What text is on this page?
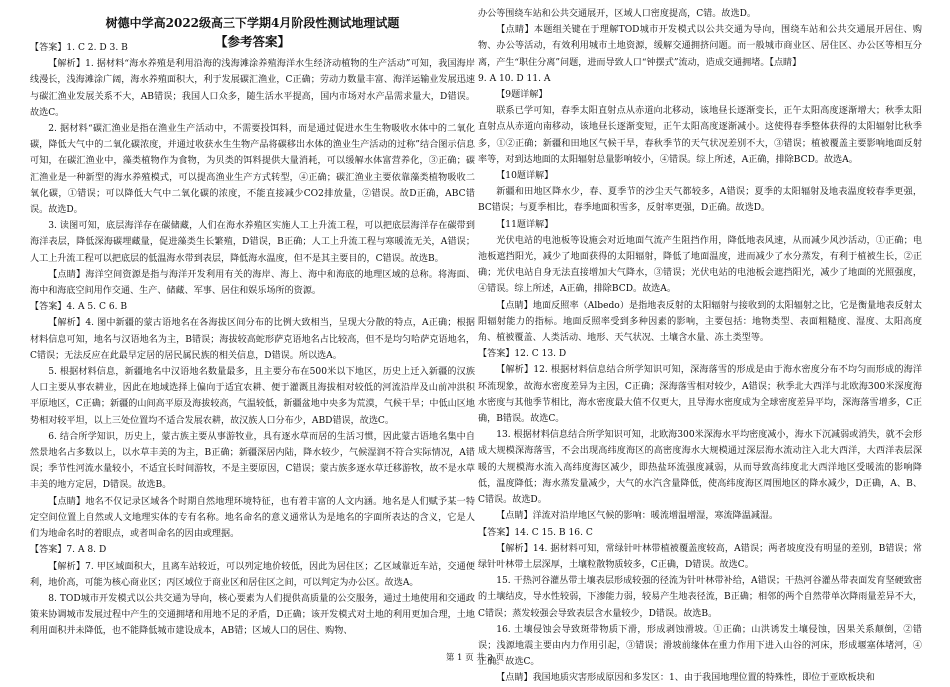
树德中学高2022级高三下学期4月阶段性测试地理试题
【参考答案】

【答案】1. C 2. D 3. B

【解析】1. 据材料“海水养殖是利用沿海的浅海滩涂养殖海洋水生经济动植物的生产活动”可知，我国海岸线漫长，浅海滩涂广阔，海水养殖面积大，利于发展碳汇渔业，C正确；劳动力数量丰富、海洋运输业发展迅速与碳汇渔业发展关系不大，AB错误；我国人口众多，随生活水平提高，国内市场对水产品需求量大，D错误。故选C。

2. 据材料“碳汇渔业是指在渔业生产活动中，不需要投饵料，而是通过促进水生生物吸收水体中的二氧化碳，降低大气中的二氧化碳浓度，并通过收获水生生物产品将碳移出水体的渔业生产活动的过称”结合图示信息可知，在碳汇渔业中，藻类植物作为食物，为贝类的饵料提供大量消耗，可以缓解水体富营养化，③正确；碳汇渔业是一种新型的海水养殖模式，可以提高渔业生产方式转型，④正确；碳汇渔业主要依靠藻类植物吸收二氧化碳，①错误；可以降低大气中二氧化碳的浓度，不能直接减少CO2排放量，②错误。故D正确，ABC错误。故选D。

3. 读图可知，底层海洋存在碳储藏，人们在海水养殖区实施人工上升流工程，可以把底层海洋存在碳带到海洋表层，降低深海碳埋藏量，促进藻类生长繁殖，D错误，B正确；人工上升流工程与寒暖流无关，A错误；人工上升流工程可以把底层的低温海水带到表层，降低海水温度，但不是其主要目的，C错误。故选B。

【点睛】海洋空间资源是指与海洋开发利用有关的海岸、海上、海中和海底的地理区域的总称。将海面、海中和海底空间用作交通、生产、储藏、军事、居住和娱乐场所的资源。

【答案】4. A 5. C 6. B

【解析】4. 图中新疆的蒙古语地名在各海拔区间分布的比例大致相当，呈现大分散的特点，A正确；根据材料信息可知，地名与汉语地名为主，B错误；海拔较高蛇形萨克语地名占比较高，但不是均匀哈萨克语地名，C错误；无法反应在此最早定居的居民属民族的相关信息，D错误。所以选A。

5. 根据材料信息，新疆地名中汉语地名数量最多，且主要分布在500米以下地区，历史上迁入新疆的汉族人口主要从事农耕业，因此在地域选择上偏向于适宜农耕、便于灌溉且海拔相对较低的河流沿岸及山前冲洪积平原地区，C正确；新疆的山间高平原及海拔较高，气温较低，新疆盆地中央多为荒漠，气候干旱；中低山区地势相对较平坦，以上三处位置均不适合发展农耕，故汉族人口分布少，ABD错误，故选C。

6. 结合所学知识，历史上，蒙古族主要从事游牧业，具有逐水草而居的生活习惯，因此蒙古语地名集中自然景地名占多数以上，以水草丰美的为主，B正确；新疆深居内陆，降水较少，气候湿润不符合实际情况，A错误；季节性河流水量较小，不适宜长时间游牧，不是主要原因，C错误；蒙古族多逐水草迁移游牧，故不是水草丰美的地方定居，D错误。故选B。

【点睛】地名不仅记录区域各个时期自然地理环境特征，也有着丰富的人文内涵。地名是人们赋予某一特定空间位置上自然或人文地理实体的专有名称。地名命名的意义通常认为是地名的字面所表达的含义，它是人们为地命名时的着眼点，或者叫命名的因由或理据。

【答案】7. A 8. D

【解析】7. 甲区域面积大，且离车站较近，可以列定地价较低，因此为居住区；乙区域靠近车站，交通便利，地价高，可能为核心商业区；丙区域位于商业区和居住区之间，可以判定为办公区。故选A。

8. TOD城市开发模式以公共交通为导向，核心要素为人们提供高质量的公交服务，通过土地使用和交通政策来协调城市发展过程中产生的交通拥堵和用地不足的矛盾，D正确；该开发模式对土地的利用更加合理，土地利用面积并未降低，也不能降低城市建设成本，AB错；区域人口的居住、购物、

办公等围绕车站和公共交通展开，区域人口密度提高，C错。故选D。

【点睛】本题组关键在于理解TOD城市开发模式以公共交通为导向，围绕车站和公共交通展开居住、购物、办公等活动，有效利用城市土地资源，缓解交通拥挤问题。而一般城市商业区、居住区、办公区等相互分离，产生“职住分离”问题，进而导致人口“钟摆式”流动，造成交通拥堵。【点睛】

9. A 10. D 11. A

【9题详解】

联系已学可知，春季太阳直射点从赤道向北移动，该地昼长逐渐变长，正午太阳高度逐渐增大；秋季太阳直射点从赤道向南移动，该地昼长逐渐变短，正午太阳高度逐渐减小。这使得春季整体获得的太阳辐射比秋季多，①②正确；新疆和田地区气候干旱，春秋季节的天气状况差别不大，③错误；植被覆盖主要影响地面反射率等，对到达地面的太阳辐射总量影响较小，④错误。综上所述，A正确，排除BCD。故选A。

【10题详解】

新疆和田地区降水少，春、夏季节的沙尘天气都较多，A错误；夏季的太阳辐射及地表温度较春季更强，BC错误；与夏季相比，春季地面积雪多，反射率更强，D正确。故选D。

【11题详解】

光伏电站的电池板等设施会对近地面气流产生阻挡作用，降低地表风速，从而减少风沙活动，①正确；电池板遮挡阳光，减少了地面获得的太阳辐射，降低了地面温度，进而减少了水分蒸发，有利于植被生长，②正确；光伏电站自身无法直接增加大气降水，③错误；光伏电站的电池板会遮挡阳光，减少了地面的光照强度，④错误。综上所述，A正确，排除BCD。故选A。

【点睛】地面反照率（Albedo）是指地表反射的太阳辐射与接收到的太阳辐射之比，它是衡量地表反射太阳辐射能力的指标。地面反照率受到多种因素的影响，主要包括：地物类型、表面粗糙度、湿度、太阳高度角、植被覆盖、人类活动、地形、天气状况、土壤含水量、冻土类型等。

【答案】12. C 13. D

【解析】12. 根据材料信息结合所学知识可知，深海落雪的形成是由于海水密度分布不均匀而形成的海洋环流现象，故海水密度差异为主因，C正确；深海落雪相对较少，A错误；秋季北大西洋与北欧海300米深度海水密度与其他季节相比，海水密度最大值不仅更大，且导海水密度成为全球密度差异平均，深海落雪增多，C正确，B错误。故选C。

13. 根据材料信息结合所学知识可知，北欧海300米深海水平均密度减小，海水下沉减弱或消失，就不会形成大规模深海落雪，不会出现高纬度海区的高密度海水大规模通过深层海水流动注入北大西洋，大西洋表层深暖的大规模海水流入高纬度海区减少，即热盐环流强度减弱，从而导致高纬度北大西洋地区受暖流的影响降低，温度降低；海水蒸发量减少，大气的水汽含量降低，使高纬度海区周围地区的降水减少，D正确，A、B、C错误。故选D。

【点睛】洋流对沿岸地区气候的影响：暖流增温增湿，寒流降温减湿。

【答案】14. C 15. B 16. C

【解析】14. 据材料可知，常绿针叶林带植被覆盖度较高，A错误；两者坡度没有明显的差别，B错误；常绿针叶林带土层深厚，土壤粒散物质较多，C正确，D错误。故选C。

15. 干热河谷灌丛带土壤表层形成较强的径流为针叶林带补给，A错误；干热河谷灌丛带表面发育坚硬致密的土壤结皮，导水性较弱，下渗能力弱，较易产生地表径流，B正确；相邻的两个自然带单次降雨量差异不大，C错误；蒸发较强会导致表层含水量较少，D错误。故选B。

16. 土壤侵蚀会导致斑带物质下滑，形成剥蚀滑坡。①正确；山洪诱发土壤侵蚀，因果关系颠倒，②错误；浅源地震主要由内力作用引起，③错误；滑坡前缘体在重力作用下进入山谷的河床，形成堰塞体堵河，④正确。故选C。

【点睛】我国地质灾害形成原因和多发区：1、由于我国地理位置的特殊性，即位于亚欧板块和

第 1 页 共 2 页
